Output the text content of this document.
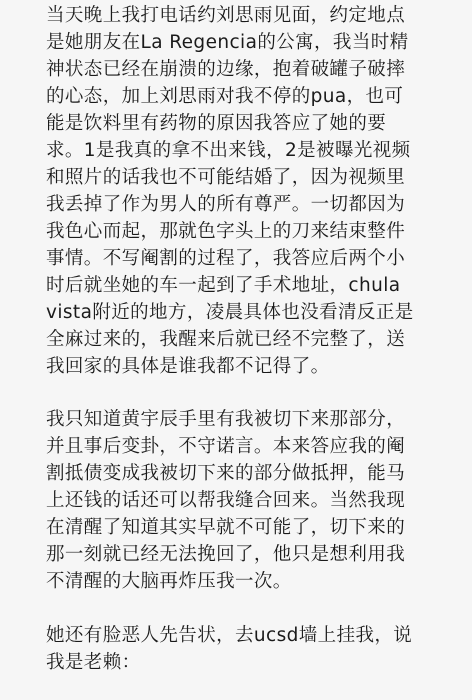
当天晚上我打电话约刘思雨见面，约定地点
是她朋友在La Regencia的公寓，我当时精
神状态已经在崩溃的边缘，抱着破罐子破摔
的心态，加上刘思雨对我不停的pua，也可
能是饮料里有药物的原因我答应了她的要
求。1是我真的拿不出来钱，2是被曝光视频
和照片的话我也不可能结婚了，因为视频里
我丢掉了作为男人的所有尊严。一切都因为
我色心而起，那就色字头上的刀来结束整件
事情。不写阉割的过程了，我答应后两个小
时后就坐她的车一起到了手术地址，chula
vista附近的地方，凌晨具体也没看清反正是
全麻过来的，我醒来后就已经不完整了，送
我回家的具体是谁我都不记得了。
我只知道黄宇辰手里有我被切下来那部分，
并且事后变卦，不守诺言。本来答应我的阉
割抵债变成我被切下来的部分做抵押，能马
上还钱的话还可以帮我缝合回来。当然我现
在清醒了知道其实早就不可能了，切下来的
那一刻就已经无法挽回了，他只是想利用我
不清醒的大脑再炸压我一次。
她还有脸恶人先告状，去ucsd墙上挂我，说
我是老赖：
